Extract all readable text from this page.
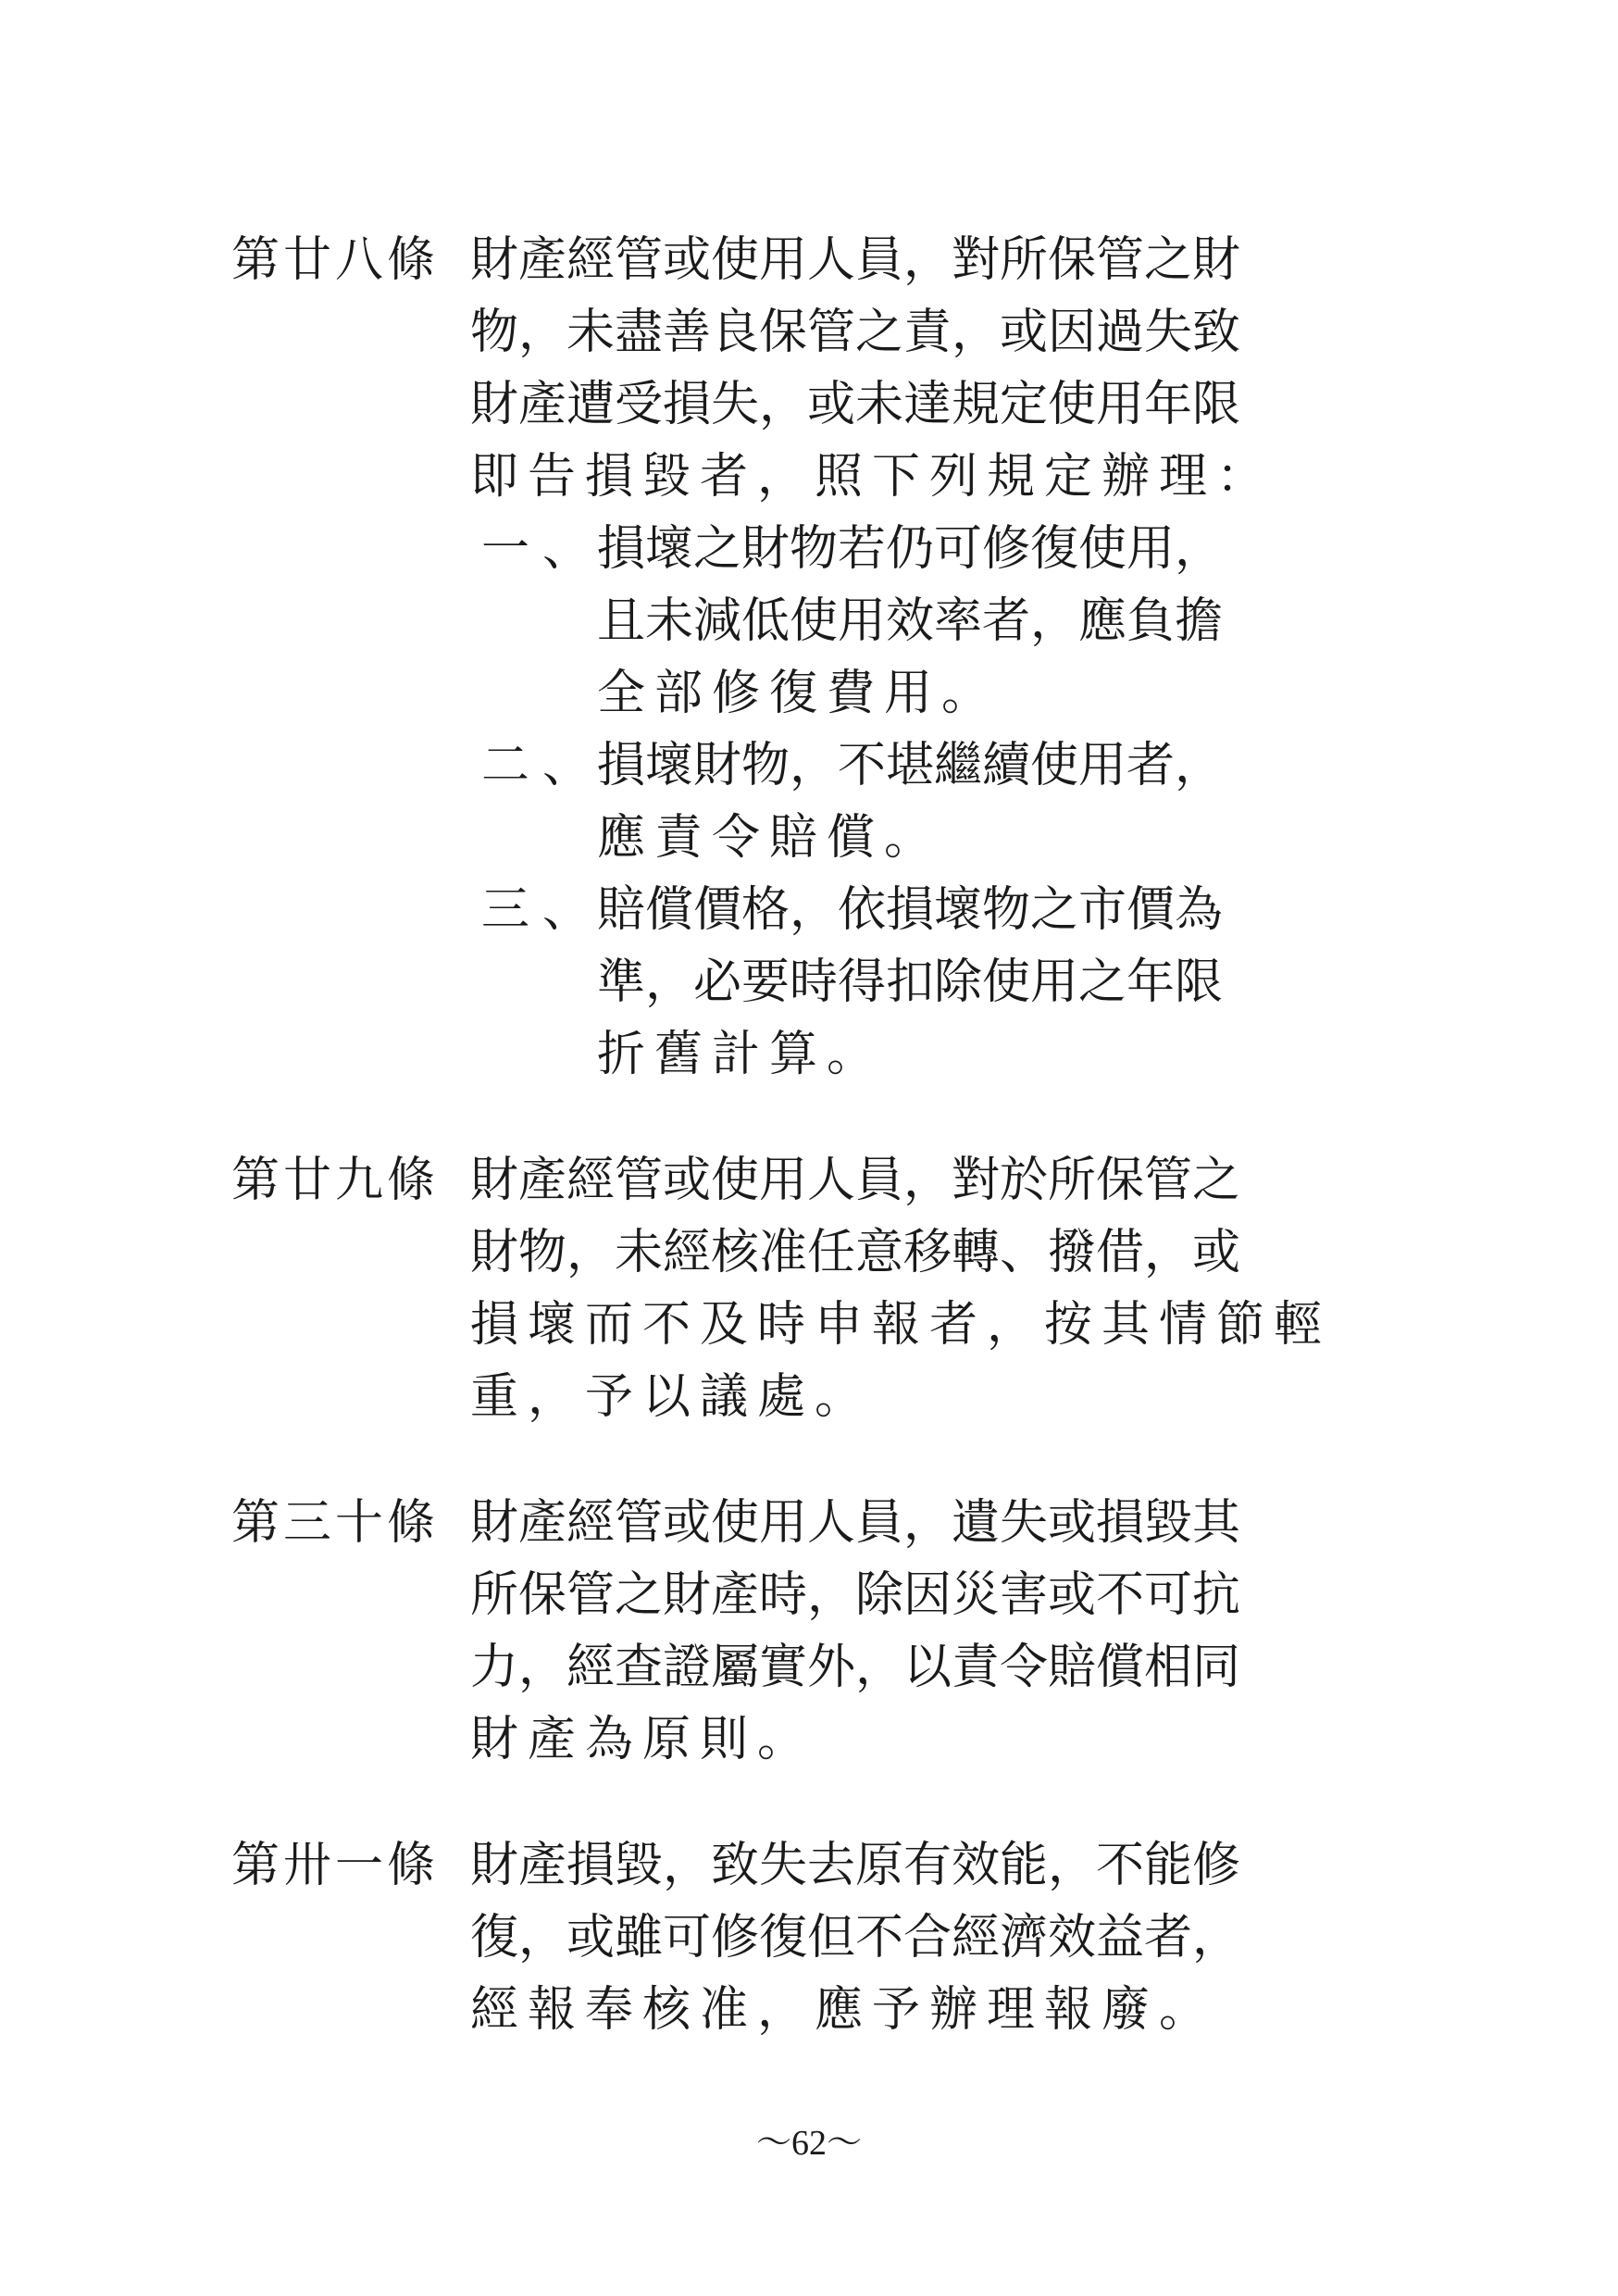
第廿八條 財產經管或使用人員，對所保管之財
物，未盡善良保管之責，或因過失致
財產遭受損失，或未達規定使用年限
即告損毀者，照下列規定辦理：
一、
損壞之財物若仍可修復使用，
且未減低使用效率者，應負擔
全部修復費用。
二、
損壞財物，不堪繼續使用者，
應責令賠償。
三、
賠償價格，依損壞物之市價為
準，必要時得扣除使用之年限
折舊計算。
第廿九條 財產經管或使用人員，對於所保管之
財物，未經核准任意移轉、撥借，或
損壞而不及時申報者，按其情節輕
重，予以議處。
第三十條 財產經管或使用人員，遺失或損毀其
所保管之財產時，除因災害或不可抗
力，經查證屬實外，以責令賠償相同
財產為原則。
第卅一條 財產損毀，致失去原有效能，不能修
復，或雖可修復但不合經濟效益者，
經報奉核准，應予辦理報廢。
～62～
